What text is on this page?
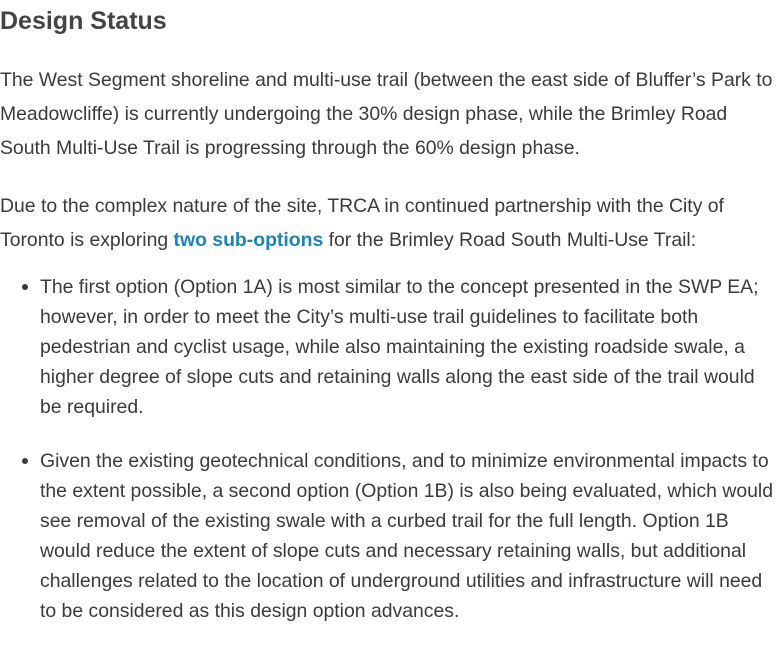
Design Status

The West Segment shoreline and multi-use trail (between the east side of Bluffer’s Park to Meadowcliffe) is currently undergoing the 30% design phase, while the Brimley Road South Multi-Use Trail is progressing through the 60% design phase.

Due to the complex nature of the site, TRCA in continued partnership with the City of Toronto is exploring two sub-options for the Brimley Road South Multi-Use Trail:

The first option (Option 1A) is most similar to the concept presented in the SWP EA; however, in order to meet the City’s multi-use trail guidelines to facilitate both pedestrian and cyclist usage, while also maintaining the existing roadside swale, a higher degree of slope cuts and retaining walls along the east side of the trail would be required.
Given the existing geotechnical conditions, and to minimize environmental impacts to the extent possible, a second option (Option 1B) is also being evaluated, which would see removal of the existing swale with a curbed trail for the full length. Option 1B would reduce the extent of slope cuts and necessary retaining walls, but additional challenges related to the location of underground utilities and infrastructure will need to be considered as this design option advances.
